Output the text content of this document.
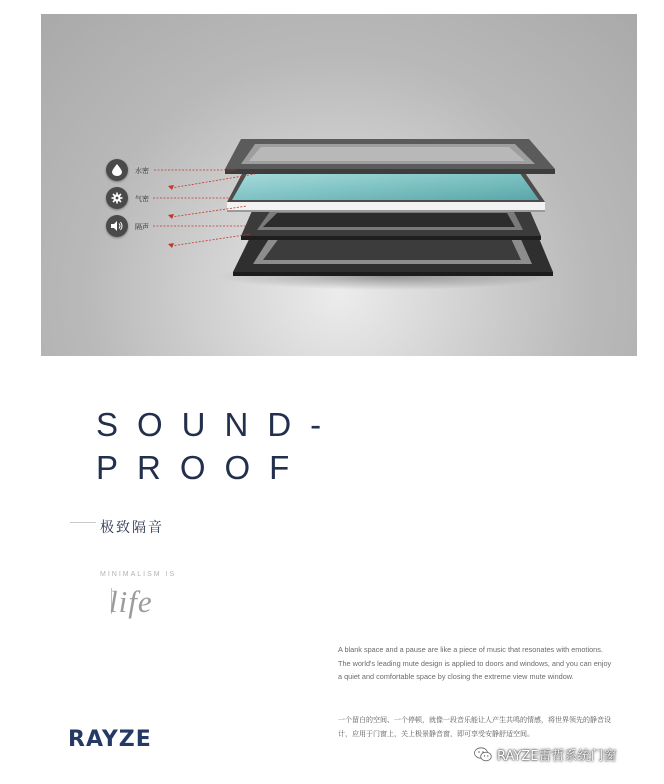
水密
气密
隔声
SOUND-
PROOF
极致隔音
MINIMALISM IS
life

A blank space and a pause are like a piece of music that resonates with emotions. The world's leading mute design is applied to doors and windows, and you can enjoy a quiet and comfortable space by closing the extreme view mute window.

一个留白的空间、一个停顿，就像一段音乐能让人产生共鸣的情感，将世界领先的静音设计，应用于门窗上，关上极景静音窗，即可享受安静舒适空间。

RAYZE
RAYZE雷哲系统门窗
